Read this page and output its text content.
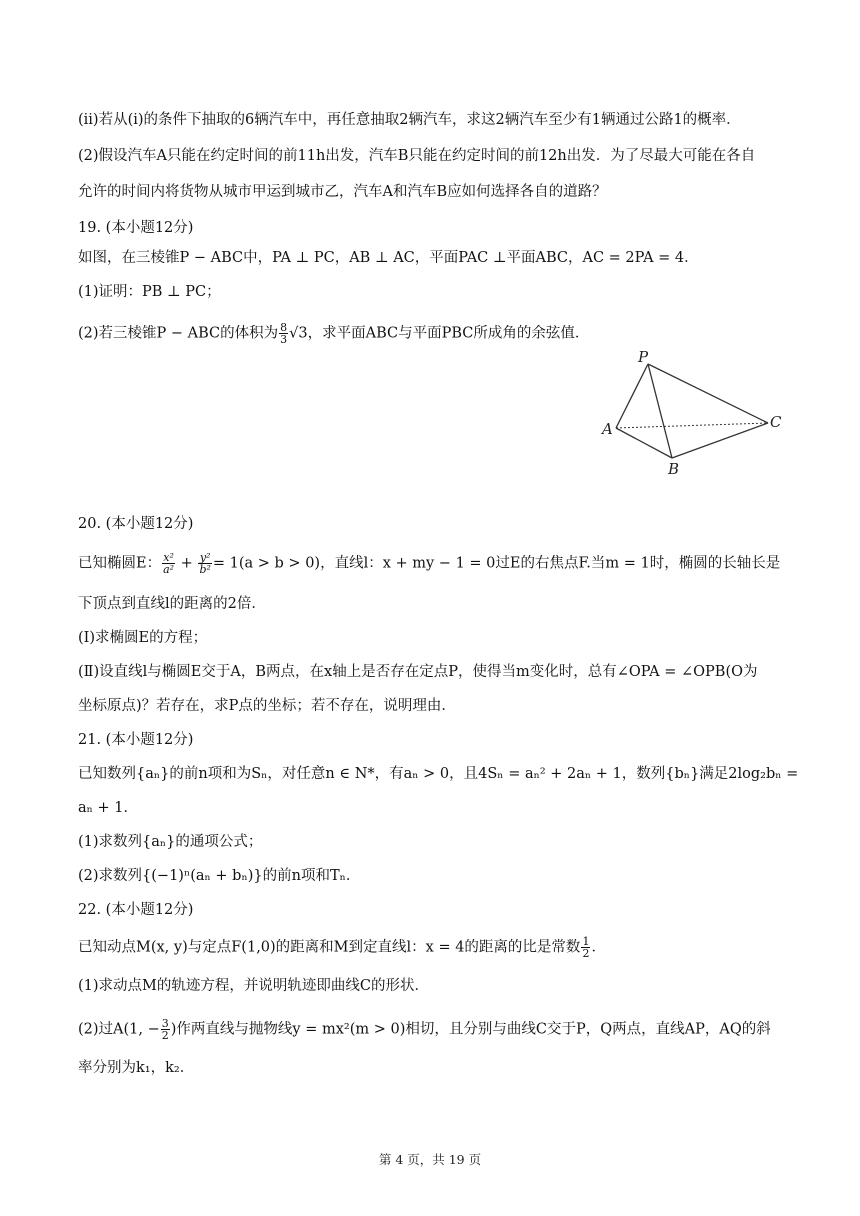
(ⅱ)若从(ⅰ)的条件下抽取的6辆汽车中，再任意抽取2辆汽车，求这2辆汽车至少有1辆通过公路1的概率．
(2)假设汽车A只能在约定时间的前11h出发，汽车B只能在约定时间的前12h出发．为了尽最大可能在各自
允许的时间内将货物从城市甲运到城市乙，汽车A和汽车B应如何选择各自的道路？
19. (本小题12分)
如图，在三棱锥P − ABC中，PA ⊥ PC，AB ⊥ AC，平面PAC ⊥平面ABC，AC = 2PA = 4．
(1)证明：PB ⊥ PC；
(2)若三棱锥P − ABC的体积为 $\frac{8}{3} √3$，求平面ABC与平面PBC所成角的余弦值．
P
A
B
C
20. (本小题12分)
已知椭圆E： $\frac{\text{x²}}{\text{a²}} + \frac{\text{y²}}{\text{b²}} = 1(a > b > 0)$，直线l：x + my − 1 = 0过E的右焦点F.当m = 1时，椭圆的长轴长是
下顶点到直线l的距离的2倍．
(Ⅰ)求椭圆E的方程；
(Ⅱ)设直线l与椭圆E交于A，B两点，在x轴上是否存在定点P，使得当m变化时，总有∠OPA = ∠OPB(O为
坐标原点)？若存在，求P点的坐标；若不存在，说明理由．
21. (本小题12分)
已知数列{aₙ}的前n项和为Sₙ，对任意n ∈ N*，有aₙ > 0，且4Sₙ = aₙ² + 2aₙ + 1，数列{bₙ}满足2log₂bₙ =
aₙ + 1．
(1)求数列{aₙ}的通项公式；
(2)求数列{(−1)ⁿ(aₙ + bₙ)}的前n项和Tₙ．
22. (本小题12分)
已知动点M(x, y)与定点F(1,0)的距离和M到定直线l：x = 4的距离的比是常数 $\frac{1}{2}$ ．
(1)求动点M的轨迹方程，并说明轨迹即曲线C的形状．
(2)过A(1, − $\frac{3}{2}$ )作两直线与抛物线y = mx²(m > 0)相切，且分别与曲线C交于P，Q两点，直线AP，AQ的斜
率分别为k₁，k₂．
第 4 页，共 19 页
